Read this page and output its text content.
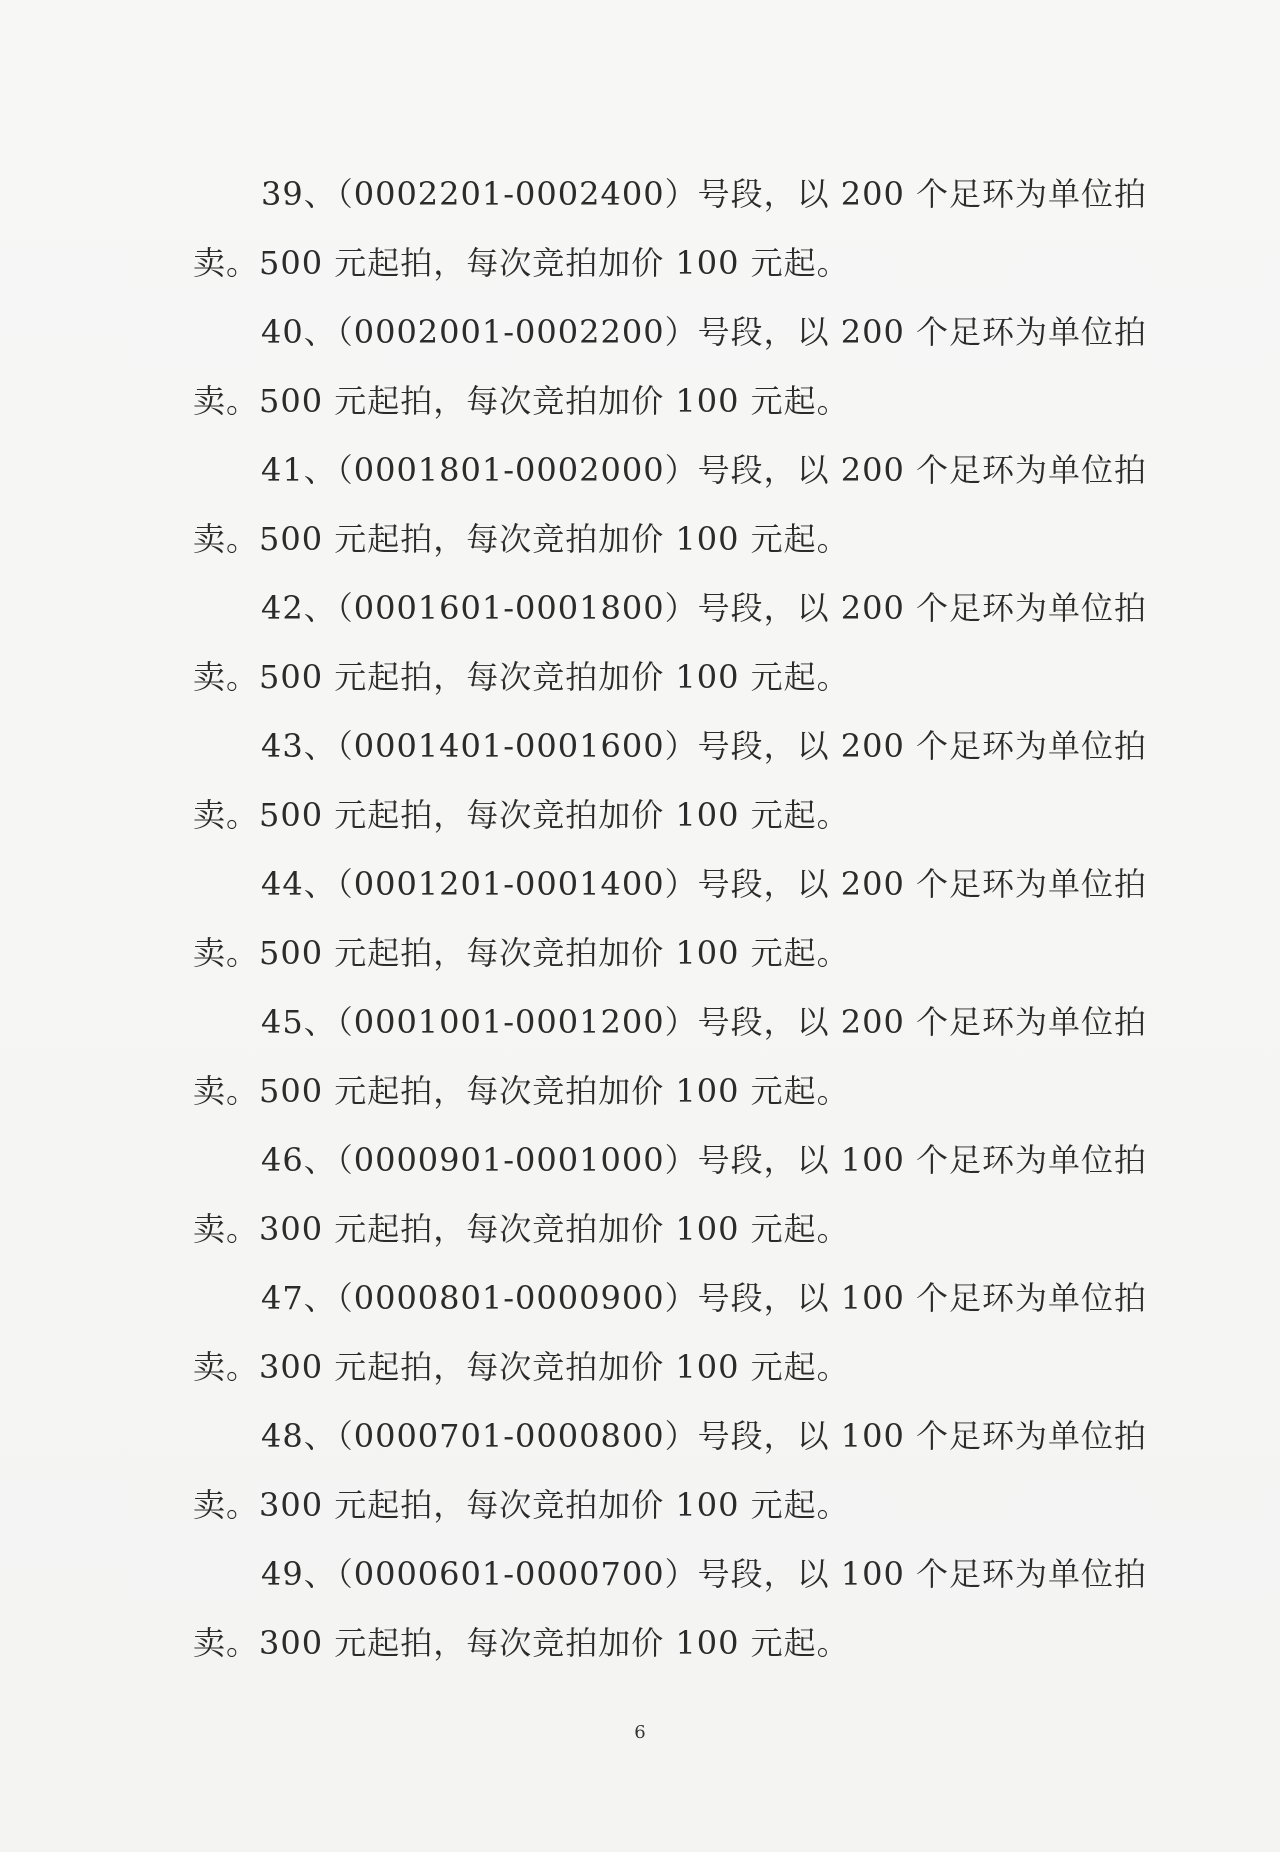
39、（0002201-0002400）号段，以 200 个足环为单位拍
卖。500 元起拍，每次竞拍加价 100 元起。

40、（0002001-0002200）号段，以 200 个足环为单位拍
卖。500 元起拍，每次竞拍加价 100 元起。

41、（0001801-0002000）号段，以 200 个足环为单位拍
卖。500 元起拍，每次竞拍加价 100 元起。

42、（0001601-0001800）号段，以 200 个足环为单位拍
卖。500 元起拍，每次竞拍加价 100 元起。

43、（0001401-0001600）号段，以 200 个足环为单位拍
卖。500 元起拍，每次竞拍加价 100 元起。

44、（0001201-0001400）号段，以 200 个足环为单位拍
卖。500 元起拍，每次竞拍加价 100 元起。

45、（0001001-0001200）号段，以 200 个足环为单位拍
卖。500 元起拍，每次竞拍加价 100 元起。

46、（0000901-0001000）号段，以 100 个足环为单位拍
卖。300 元起拍，每次竞拍加价 100 元起。

47、（0000801-0000900）号段，以 100 个足环为单位拍
卖。300 元起拍，每次竞拍加价 100 元起。

48、（0000701-0000800）号段，以 100 个足环为单位拍
卖。300 元起拍，每次竞拍加价 100 元起。

49、（0000601-0000700）号段，以 100 个足环为单位拍
卖。300 元起拍，每次竞拍加价 100 元起。

6
